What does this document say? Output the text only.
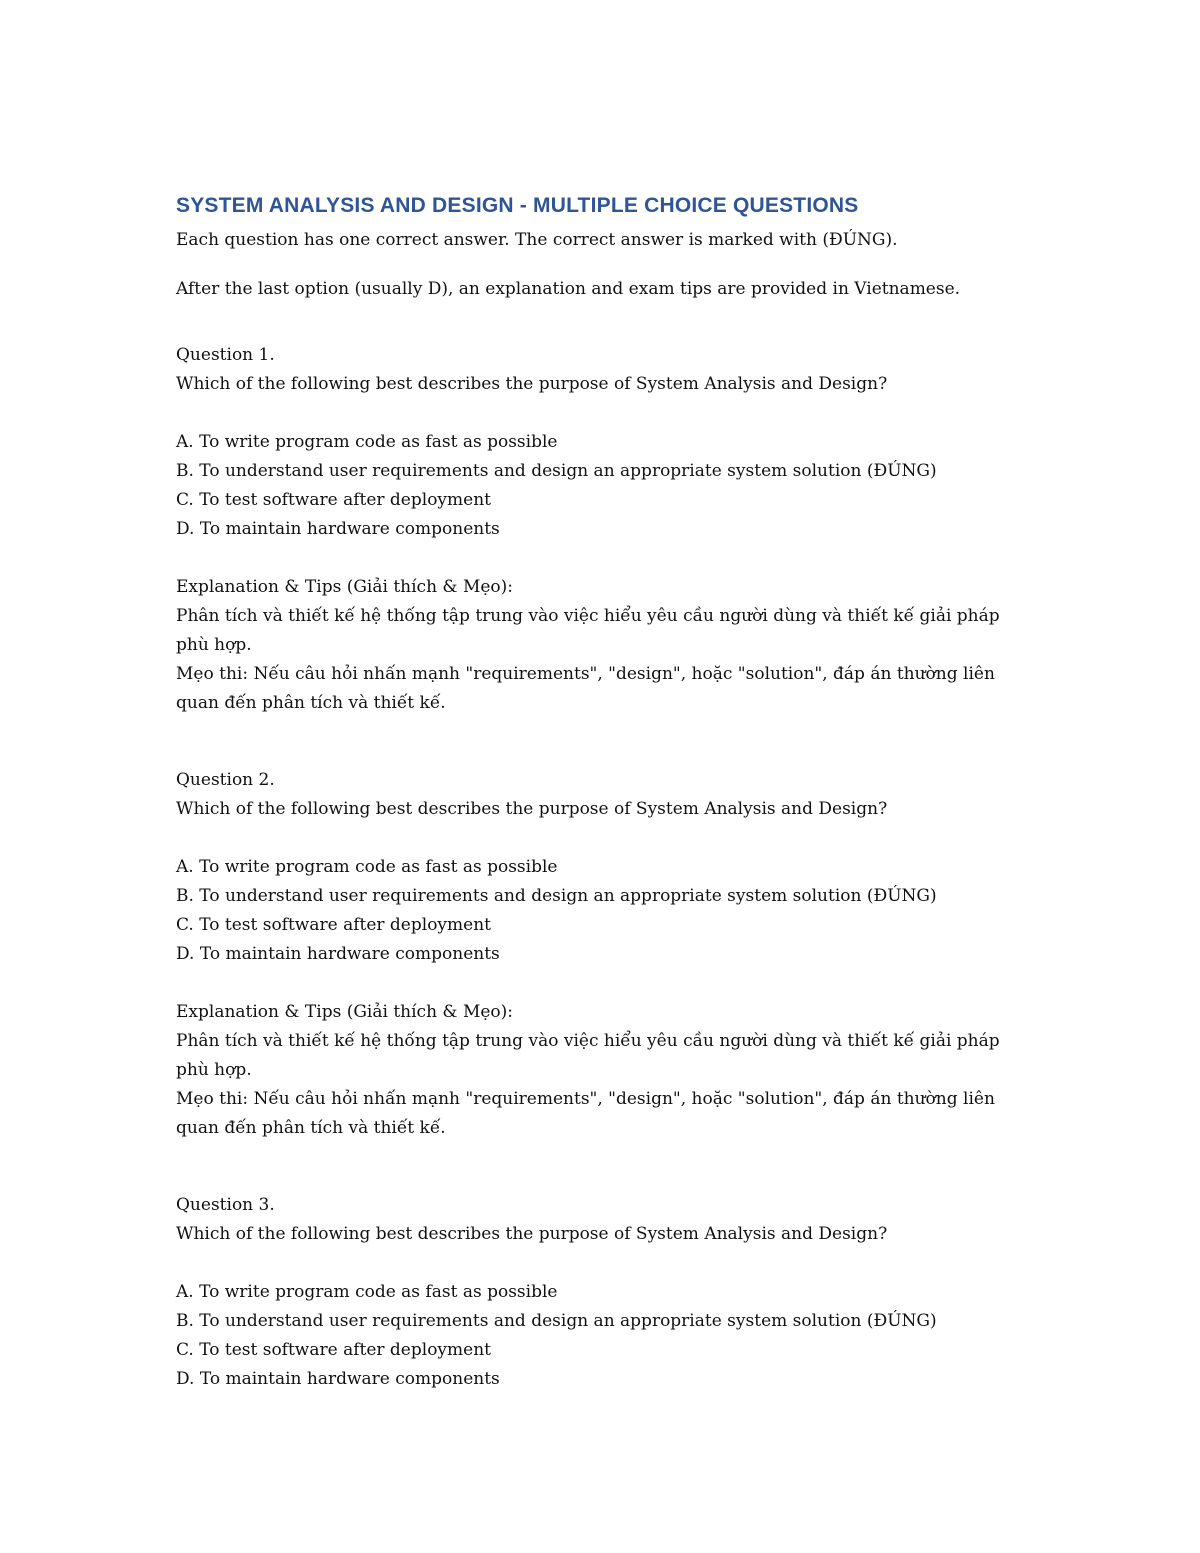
SYSTEM ANALYSIS AND DESIGN - MULTIPLE CHOICE QUESTIONS
Each question has one correct answer. The correct answer is marked with (ĐÚNG).
After the last option (usually D), an explanation and exam tips are provided in Vietnamese.
Question 1.
Which of the following best describes the purpose of System Analysis and Design?
A. To write program code as fast as possible
B. To understand user requirements and design an appropriate system solution (ĐÚNG)
C. To test software after deployment
D. To maintain hardware components
Explanation & Tips (Giải thích & Mẹo):
Phân tích và thiết kế hệ thống tập trung vào việc hiểu yêu cầu người dùng và thiết kế giải pháp phù hợp.
Mẹo thi: Nếu câu hỏi nhấn mạnh "requirements", "design", hoặc "solution", đáp án thường liên quan đến phân tích và thiết kế.
Question 2.
Which of the following best describes the purpose of System Analysis and Design?
A. To write program code as fast as possible
B. To understand user requirements and design an appropriate system solution (ĐÚNG)
C. To test software after deployment
D. To maintain hardware components
Explanation & Tips (Giải thích & Mẹo):
Phân tích và thiết kế hệ thống tập trung vào việc hiểu yêu cầu người dùng và thiết kế giải pháp phù hợp.
Mẹo thi: Nếu câu hỏi nhấn mạnh "requirements", "design", hoặc "solution", đáp án thường liên quan đến phân tích và thiết kế.
Question 3.
Which of the following best describes the purpose of System Analysis and Design?
A. To write program code as fast as possible
B. To understand user requirements and design an appropriate system solution (ĐÚNG)
C. To test software after deployment
D. To maintain hardware components
